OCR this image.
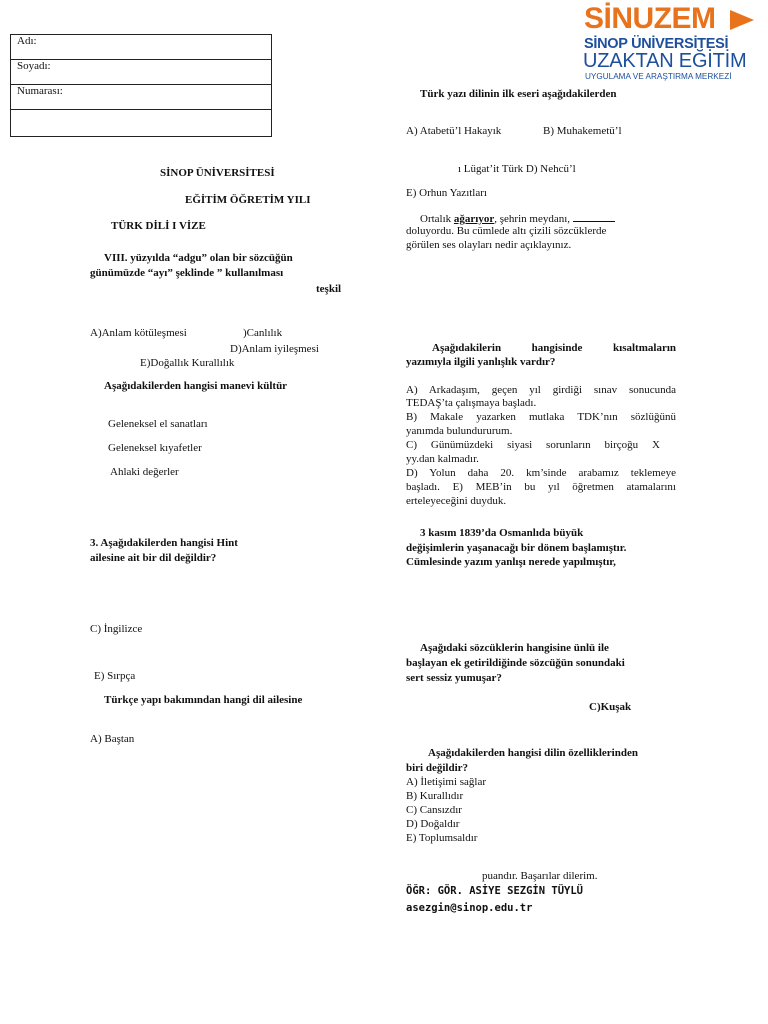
SİNUZEM
SİNOP ÜNİVERSİTESİ
UZAKTAN EĞİTİM
UYGULAMA VE ARAŞTIRMA MERKEZİ
Adı:
Soyadı:
Numarası:

SİNOP ÜNİVERSİTESİ
EĞİTİM ÖĞRETİM YILI
TÜRK DİLİ I VİZE
VIII. yüzyılda “adgu” olan bir sözcüğün
günümüzde “ayı” şeklinde ” kullanılması
teşkil
A)Anlam kötüleşmesi	)Canlılık
D)Anlam iyileşmesi
E)Doğallık Kurallılık
Aşağıdakilerden hangisi manevi kültür
Geleneksel el sanatları
Geleneksel kıyafetler
Ahlaki değerler
3. Aşağıdakilerden hangisi Hint
ailesine ait bir dil değildir?
C) İngilizce
E) Sırpça
Türkçe yapı bakımından hangi dil ailesine
A) Baştan
Türk yazı dilinin ilk eseri aşağıdakilerden
A) Atabetü’l Hakayık	B) Muhakemetü’l
ı Lügat’it Türk D) Nehcü’l
E) Orhun Yazıtları
Ortalık ağarıyor, şehrin meydanı,
doluyordu. Bu cümlede altı çizili sözcüklerde
görülen ses olayları nedir açıklayınız.
Aşağıdakilerin hangisinde kısaltmaların
yazımıyla ilgili yanlışlık vardır?
A) Arkadaşım, geçen yıl girdiği sınav sonucunda
TEDAŞ’ta çalışmaya başladı.
B) Makale yazarken mutlaka TDK’nın sözlüğünü
yanımda bulundururum.
C) Günümüzdeki siyasi sorunların birçoğu X
yy.dan kalmadır.
D) Yolun daha 20. km’sinde arabamız teklemeye
başladı. E) MEB’in bu yıl öğretmen atamalarını
erteleyeceğini duyduk.
3 kasım 1839’da Osmanlıda büyük
değişimlerin yaşanacağı bir dönem başlamıştır.
Cümlesinde yazım yanlışı nerede yapılmıştır,
Aşağıdaki sözcüklerin hangisine ünlü ile
başlayan ek getirildiğinde sözcüğün sonundaki
sert sessiz yumuşar?
C)Kuşak
Aşağıdakilerden hangisi dilin özelliklerinden
biri değildir?
A) İletişimi sağlar
B) Kurallıdır
C) Cansızdır
D) Doğaldır
E) Toplumsaldır
puandır. Başarılar dilerim.
ÖĞR: GÖR. ASİYE SEZGİN TÜYLÜ
asezgin@sinop.edu.tr
